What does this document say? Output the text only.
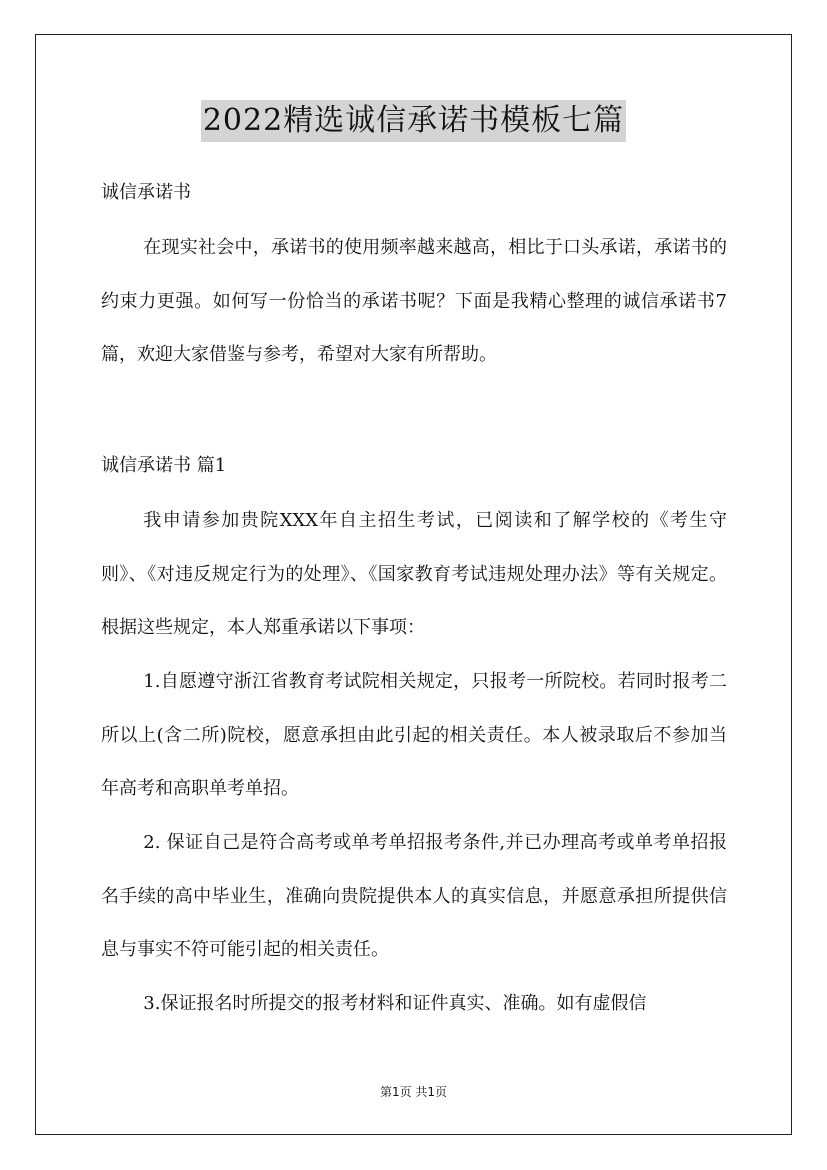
2022精选诚信承诺书模板七篇
诚信承诺书
在现实社会中，承诺书的使用频率越来越高，相比于口头承诺，承诺书的约束力更强。如何写一份恰当的承诺书呢？下面是我精心整理的诚信承诺书7篇，欢迎大家借鉴与参考，希望对大家有所帮助。
诚信承诺书 篇1
我申请参加贵院XXX年自主招生考试，已阅读和了解学校的《考生守则》、《对违反规定行为的处理》、《国家教育考试违规处理办法》等有关规定。根据这些规定，本人郑重承诺以下事项：
1.自愿遵守浙江省教育考试院相关规定，只报考一所院校。若同时报考二所以上(含二所)院校，愿意承担由此引起的相关责任。本人被录取后不参加当年高考和高职单考单招。
2. 保证自己是符合高考或单考单招报考条件,并已办理高考或单考单招报名手续的高中毕业生，准确向贵院提供本人的真实信息，并愿意承担所提供信息与事实不符可能引起的相关责任。
3.保证报名时所提交的报考材料和证件真实、准确。如有虚假信
第1页 共1页
